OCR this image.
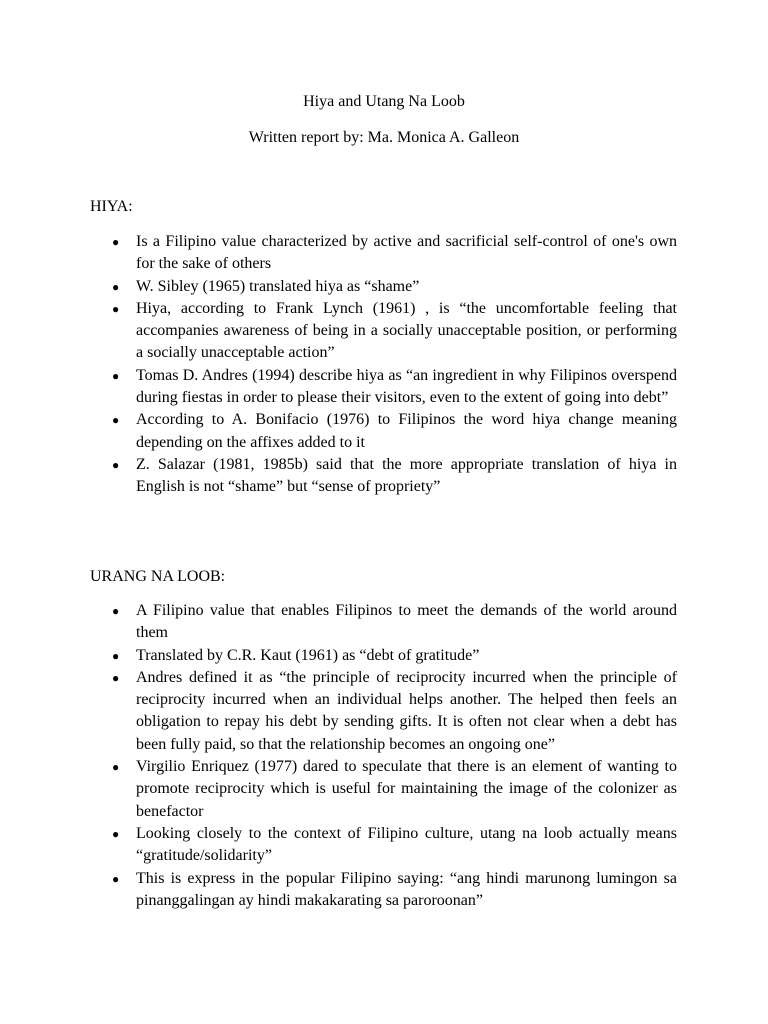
Hiya and Utang Na Loob

Written report by: Ma. Monica A. Galleon

HIYA:

● Is a Filipino value characterized by active and sacrificial self-control of one's own for the sake of others
● W. Sibley (1965) translated hiya as “shame”
● Hiya, according to Frank Lynch (1961) , is “the uncomfortable feeling that accompanies awareness of being in a socially unacceptable position, or performing a socially unacceptable action”
● Tomas D. Andres (1994) describe hiya as “an ingredient in why Filipinos overspend during fiestas in order to please their visitors, even to the extent of going into debt”
● According to A. Bonifacio (1976) to Filipinos the word hiya change meaning depending on the affixes added to it
● Z. Salazar (1981, 1985b) said that the more appropriate translation of hiya in English is not “shame” but “sense of propriety”

URANG NA LOOB:

● A Filipino value that enables Filipinos to meet the demands of the world around them
● Translated by C.R. Kaut (1961) as “debt of gratitude”
● Andres defined it as “the principle of reciprocity incurred when the principle of reciprocity incurred when an individual helps another. The helped then feels an obligation to repay his debt by sending gifts. It is often not clear when a debt has been fully paid, so that the relationship becomes an ongoing one”
● Virgilio Enriquez (1977) dared to speculate that there is an element of wanting to promote reciprocity which is useful for maintaining the image of the colonizer as benefactor
● Looking closely to the context of Filipino culture, utang na loob actually means “gratitude/solidarity”
● This is express in the popular Filipino saying: “ang hindi marunong lumingon sa pinanggalingan ay hindi makakarating sa paroroonan”
